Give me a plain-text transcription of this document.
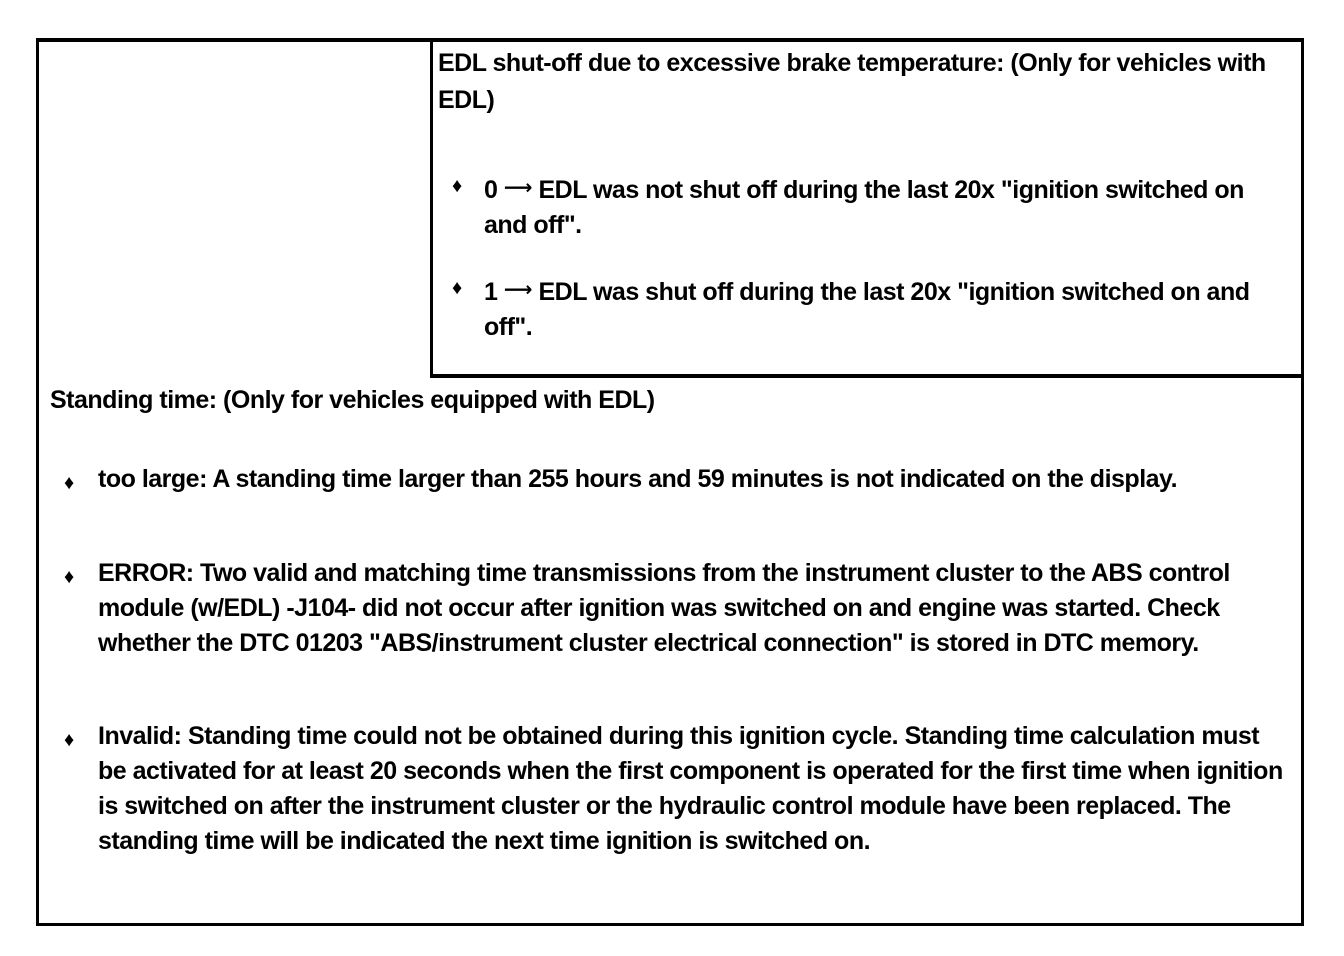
EDL shut-off due to excessive brake temperature: (Only for vehicles with EDL)
♦ 0 ⟶ EDL was not shut off during the last 20x "ignition switched on and off".
♦ 1 ⟶ EDL was shut off during the last 20x "ignition switched on and off".
Standing time: (Only for vehicles equipped with EDL)
♦ too large: A standing time larger than 255 hours and 59 minutes is not indicated on the display.
♦ ERROR: Two valid and matching time transmissions from the instrument cluster to the ABS control module (w/EDL) -J104- did not occur after ignition was switched on and engine was started. Check whether the DTC 01203 "ABS/instrument cluster electrical connection" is stored in DTC memory.
♦ Invalid: Standing time could not be obtained during this ignition cycle. Standing time calculation must be activated for at least 20 seconds when the first component is operated for the first time when ignition is switched on after the instrument cluster or the hydraulic control module have been replaced. The standing time will be indicated the next time ignition is switched on.
